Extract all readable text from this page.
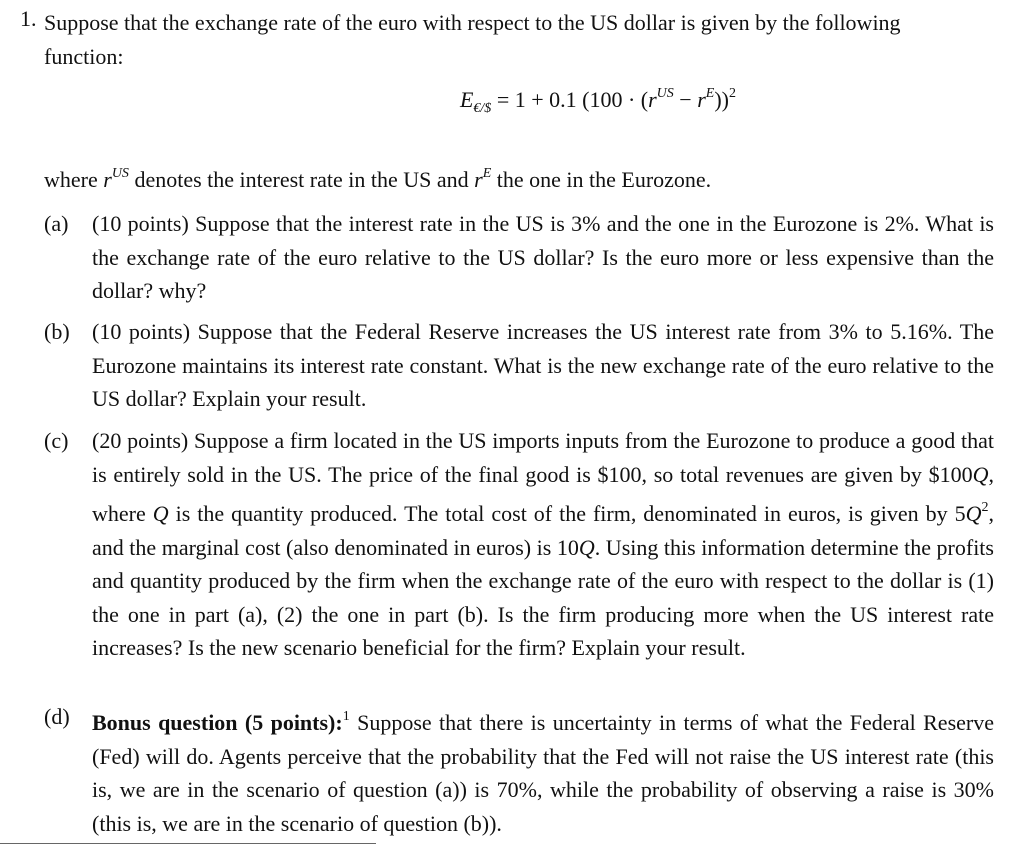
1. Suppose that the exchange rate of the euro with respect to the US dollar is given by the following function:
$E_{€/\$} = 1 + 0.1$ $(100 \cdot (r^{US} - r^E))^2$
where $r^{US}$ denotes the interest rate in the US and $r^E$ the one in the Eurozone.
(a) (10 points) Suppose that the interest rate in the US is 3% and the one in the Eurozone is 2%. What is the exchange rate of the euro relative to the US dollar? Is the euro more or less expensive than the dollar? why?
(b) (10 points) Suppose that the Federal Reserve increases the US interest rate from 3% to 5.16%. The Eurozone maintains its interest rate constant. What is the new exchange rate of the euro relative to the US dollar? Explain your result.
(c) (20 points) Suppose a firm located in the US imports inputs from the Eurozone to produce a good that is entirely sold in the US. The price of the final good is $100, so total revenues are given by $100Q, where Q is the quantity produced. The total cost of the firm, denominated in euros, is given by $5Q^2$, and the marginal cost (also denominated in euros) is 10Q. Using this information determine the profits and quantity produced by the firm when the exchange rate of the euro with respect to the dollar is (1) the one in part (a), (2) the one in part (b). Is the firm producing more when the US interest rate increases? Is the new scenario beneficial for the firm? Explain your result.
(d) Bonus question (5 points):$^1$ Suppose that there is uncertainty in terms of what the Federal Reserve (Fed) will do. Agents perceive that the probability that the Fed will not raise the US interest rate (this is, we are in the scenario of question (a)) is 70%, while the probability of observing a raise is 30% (this is, we are in the scenario of question (b)).
